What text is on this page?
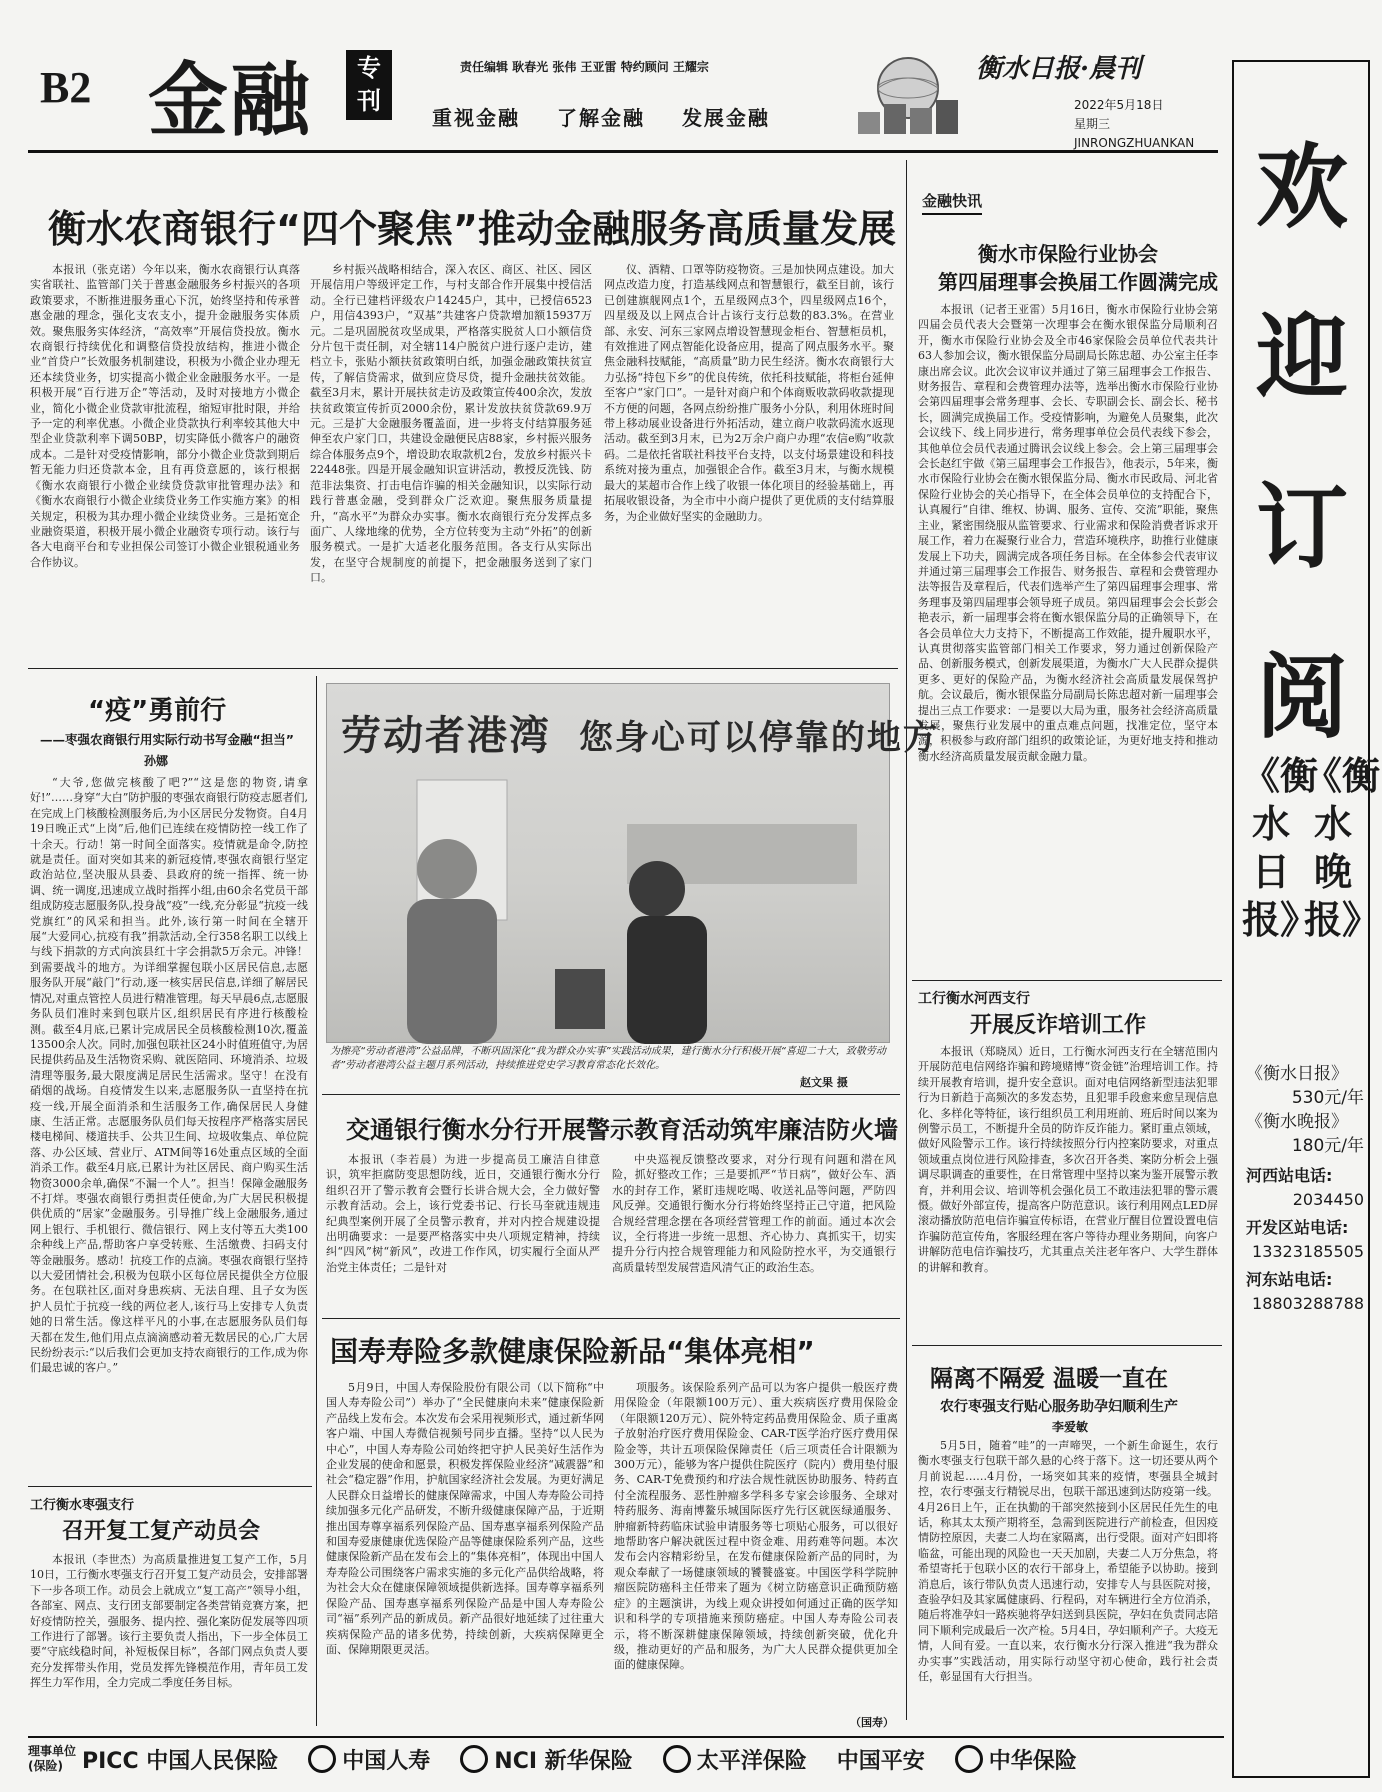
B2 金融	专刊
责任编辑 耿春光 张伟 王亚雷 特约顾问 王耀宗
重视金融 了解金融 发展金融
衡水日报·晨刊
2022年5月18日
星期三
JINRONGZHUANKAN
衡水农商银行“四个聚焦”推动金融服务高质量发展

本报讯（张克诺）今年以来，衡水农商银行认真落实省联社、监管部门关于普惠金融服务乡村振兴的各项政策要求，不断推进服务重心下沉，始终坚持和传承普惠金融的理念，强化支农支小，提升金融服务实体质效。聚焦服务实体经济，“高效率”开展信贷投放。衡水农商银行持续优化和调整信贷投放结构，推进小微企业“首贷户”长效服务机制建设，积极为小微企业办理无还本续贷业务，切实提高小微企业金融服务水平。一是积极开展“百行进万企”等活动，及时对接地方小微企业，简化小微企业贷款审批流程，缩短审批时限，并给予一定的利率优惠。小微企业贷款执行利率较其他大中型企业贷款利率下调50BP，切实降低小微客户的融资成本。二是针对受疫情影响，部分小微企业贷款到期后暂无能力归还贷款本金，且有再贷意愿的，该行根据《衡水农商银行小微企业续贷贷款审批管理办法》和《衡水农商银行小微企业续贷业务工作实施方案》的相关规定，积极为其办理小微企业续贷业务。三是拓宽企业融资渠道，积极开展小微企业融资专项行动。该行与各大电商平台和专业担保公司签订小微企业银税通业务合作协议。

乡村振兴战略相结合，深入农区、商区、社区、园区开展信用户等级评定工作，与村支部合作开展集中授信活动。全行已建档评级农户14245户，其中，已授信6523户，用信4393户，“双基”共建客户贷款增加额15937万元。二是巩固脱贫攻坚成果，严格落实脱贫人口小额信贷分片包干责任制，对全辖114户脱贫户进行逐户走访，建档立卡，张贴小额扶贫政策明白纸，加强金融政策扶贫宣传，了解信贷需求，做到应贷尽贷，提升金融扶贫效能。截至3月末，累计开展扶贫走访及政策宣传400余次，发放扶贫政策宣传折页2000余份，累计发放扶贫贷款69.9万元。三是扩大金融服务覆盖面，进一步将支付结算服务延伸至农户家门口，共建设金融便民店88家，乡村振兴服务综合体服务点9个，增设助农取款机2台，发放乡村振兴卡22448张。四是开展金融知识宣讲活动，教授反洗钱、防范非法集资、打击电信诈骗的相关金融知识，以实际行动践行普惠金融，受到群众广泛欢迎。聚焦服务质量提升，“高水平”为群众办实事。衡水农商银行充分发挥点多面广、人缘地缘的优势，全方位转变为主动“外拓”的创新服务模式。一是扩大适老化服务范围。各支行从实际出发，在坚守合规制度的前提下，把金融服务送到了家门口。

仪、酒精、口罩等防疫物资。三是加快网点建设。加大网点改造力度，打造基线网点和智慧银行，截至目前，该行已创建旗舰网点1个，五星级网点3个，四星级网点16个，四星级及以上网点合计占该行支行总数的83.3%。在营业部、永安、河东三家网点增设智慧现金柜台、智慧柜员机，有效推进了网点智能化设备应用，提高了网点服务水平。聚焦金融科技赋能，“高质量”助力民生经济。衡水农商银行大力弘扬“持包下乡”的优良传统，依托科技赋能，将柜台延伸至客户“家门口”。一是针对商户和个体商贩收款码收款提现不方便的问题，各网点纷纷推广服务小分队，利用休班时间带上移动展业设备进行外拓活动，建立商户收款码流水返现活动。截至到3月末，已为2万余户商户办理“农信e购”收款码。二是依托省联社科技平台支持，以支付场景建设和科技系统对接为重点，加强银企合作。截至3月末，与衡水规模最大的某超市合作上线了收银一体化项目的经验基础上，再拓展收银设备，为全市中小商户提供了更优质的支付结算服务，为企业做好坚实的金融助力。

金融快讯
衡水市保险行业协会
第四届理事会换届工作圆满完成

本报讯（记者王亚雷）5月16日，衡水市保险行业协会第四届会员代表大会暨第一次理事会在衡水银保监分局顺利召开，衡水市保险行业协会及全市46家保险会员单位代表共计63人参加会议，衡水银保监分局副局长陈忠超、办公室主任李康出席会议。此次会议审议并通过了第三届理事会工作报告、财务报告、章程和会费管理办法等，选举出衡水市保险行业协会第四届理事会常务理事、会长、专职副会长、副会长、秘书长，圆满完成换届工作。受疫情影响，为避免人员聚集，此次会议线下、线上同步进行，常务理事单位会员代表线下参会，其他单位会员代表通过腾讯会议线上参会。会上第三届理事会会长赵红宇做《第三届理事会工作报告》，他表示，5年来，衡水市保险行业协会在衡水银保监分局、衡水市民政局、河北省保险行业协会的关心指导下，在全体会员单位的支持配合下，认真履行“自律、维权、协调、服务、宣传、交流”职能，聚焦主业，紧密围绕服从监管要求、行业需求和保险消费者诉求开展工作，着力在凝聚行业合力，营造环境秩序，助推行业健康发展上下功夫，圆满完成各项任务目标。在全体参会代表审议并通过第三届理事会工作报告、财务报告、章程和会费管理办法等报告及章程后，代表们选举产生了第四届理事会理事、常务理事及第四届理事会领导班子成员。第四届理事会会长彭会艳表示，新一届理事会将在衡水银保监分局的正确领导下，在各会员单位大力支持下，不断提高工作效能，提升履职水平，认真贯彻落实监管部门相关工作要求，努力通过创新保险产品、创新服务模式，创新发展渠道，为衡水广大人民群众提供更多、更好的保险产品，为衡水经济社会高质量发展保驾护航。会议最后，衡水银保监分局副局长陈忠超对新一届理事会提出三点工作要求：一是要以大局为重，服务社会经济高质量发展，聚焦行业发展中的重点难点问题，找准定位，坚守本源，积极参与政府部门组织的政策论证，为更好地支持和推动衡水经济高质量发展贡献金融力量。

工行衡水河西支行
开展反诈培训工作

本报讯（郑晓凤）近日，工行衡水河西支行在全辖范围内开展防范电信网络诈骗和跨境赌博“资金链”治理培训工作。持续开展教育培训，提升安全意识。面对电信网络新型违法犯罪行为日新趋于高频次的多发态势，且犯罪手段愈来愈呈现信息化、多样化等特征，该行组织员工利用班前、班后时间以案为例警示员工，不断提升全员的防诈反诈能力。紧盯重点领域，做好风险警示工作。该行持续按照分行内控案防要求，对重点领域重点岗位进行风险排查，多次召开各类、案防分析会上强调尽职调查的重要性，在日常管理中坚持以案为鉴开展警示教育，并利用会议、培训等机会强化员工不敢违法犯罪的警示震慑。做好外部宣传，提高客户防范意识。该行利用网点LED屏滚动播放防范电信诈骗宣传标语，在营业厅醒目位置设置电信诈骗防范宣传角，客服经理在客户等待办理业务期间，向客户讲解防范电信诈骗技巧，尤其重点关注老年客户、大学生群体的讲解和教育。

隔离不隔爱 温暖一直在
农行枣强支行贴心服务助孕妇顺利生产
李爱敏

5月5日，随着“哇”的一声啼哭，一个新生命诞生，农行衡水枣强支行包联干部久悬的心终于落下。这一切还要从两个月前说起……4月份，一场突如其来的疫情，枣强县全城封控，农行枣强支行精锐尽出，包联干部迅速到达防疫第一线。4月26日上午，正在执勤的干部突然接到小区居民任先生的电话，称其太太预产期将至，急需到医院进行产前检查，但因疫情防控原因，夫妻二人均在家隔离，出行受限。面对产妇即将临盆，可能出现的风险也一天天加剧，夫妻二人万分焦急，将希望寄托于包联小区的农行干部身上，希望能予以协助。接到消息后，该行带队负责人迅速行动，安排专人与县医院对接，查验孕妇及其家属健康码、行程码，对车辆进行全方位消杀，随后将准孕妇一路疾驰将孕妇送到县医院，孕妇在负责同志陪同下顺利完成最后一次产检。5月4日，孕妇顺利产子。大疫无情，人间有爱。一直以来，农行衡水分行深入推进“我为群众办实事”实践活动，用实际行动坚守初心使命，践行社会责任，彰显国有大行担当。

“疫”勇前行
——枣强农商银行用实际行动书写金融“担当”
孙娜

“大爷,您做完核酸了吧?”“这是您的物资,请拿好!”……身穿“大白”防护服的枣强农商银行防疫志愿者们,在完成上门核酸检测服务后,为小区居民分发物资。自4月19日晚正式“上岗”后,他们已连续在疫情防控一线工作了十余天。行动！第一时间全面落实。疫情就是命令,防控就是责任。面对突如其来的新冠疫情,枣强农商银行坚定政治站位,坚决服从县委、县政府的统一指挥、统一协调、统一调度,迅速成立战时指挥小组,由60余名党员干部组成防疫志愿服务队,投身战“疫”一线,充分彰显“抗疫一线党旗红”的风采和担当。此外,该行第一时间在全辖开展“大爱同心,抗疫有我”捐款活动,全行358名职工以线上与线下捐款的方式向滨县红十字会捐款5万余元。冲锋！到需要战斗的地方。为详细掌握包联小区居民信息,志愿服务队开展“敲门”行动,逐一核实居民信息,详细了解居民情况,对重点管控人员进行精准管理。每天早晨6点,志愿服务队员们准时来到包联片区,组织居民有序进行核酸检测。截至4月底,已累计完成居民全员核酸检测10次,覆盖13500余人次。同时,加强包联社区24小时值班值守,为居民提供药品及生活物资采购、就医陪同、环境消杀、垃圾清理等服务,最大限度满足居民生活需求。坚守！在没有硝烟的战场。自疫情发生以来,志愿服务队一直坚持在抗疫一线,开展全面消杀和生活服务工作,确保居民人身健康、生活正常。志愿服务队员们每天按程序严格落实居民楼电梯间、楼道扶手、公共卫生间、垃圾收集点、单位院落、办公区域、营业厅、ATM间等16处重点区域的全面消杀工作。截至4月底,已累计为社区居民、商户购买生活物资3000余单,确保“不漏一个人”。担当！保障金融服务不打烊。枣强农商银行勇担责任使命,为广大居民积极提供优质的“居家”金融服务。引导推广线上金融服务,通过网上银行、手机银行、微信银行、网上支付等五大类100余种线上产品,帮助客户享受转账、生活缴费、扫码支付等金融服务。感动！抗疫工作的点滴。枣强农商银行坚持以大爱团情社会,积极为包联小区每位居民提供全方位服务。在包联社区,面对身患疾病、无法自理、且子女为医护人员忙于抗疫一线的两位老人,该行马上安排专人负责她的日常生活。像这样平凡的小事,在志愿服务队员们每天都在发生,他们用点点滴滴感动着无数居民的心,广大居民纷纷表示:“以后我们会更加支持农商银行的工作,成为你们最忠诚的客户。”

工行衡水枣强支行
召开复工复产动员会

本报讯（李世杰）为高质量推进复工复产工作，5月10日，工行衡水枣强支行召开复工复产动员会，安排部署下一步各项工作。动员会上就成立“复工高产”领导小组，各部室、网点、支行团支部要制定各类营销竞赛方案，把好疫情防控关，强服务、提内控、强化案防促发展等四项工作进行了部署。该行主要负责人指出，下一步全体员工要“守底线稳时间，补短板保目标”，各部门网点负责人要充分发挥带头作用，党员发挥先锋模范作用，青年员工发挥生力军作用，全力完成二季度任务目标。

劳动者港湾 您身心可以停靠的地方
为擦亮“劳动者港湾”公益品牌，不断巩固深化“我为群众办实事”实践活动成果，建行衡水分行积极开展“喜迎二十大，致敬劳动者”劳动者港湾公益主题月系列活动，持续推进党史学习教育常态化长效化。
赵文果 摄
交通银行衡水分行开展警示教育活动筑牢廉洁防火墙

本报讯（李若晨）为进一步提高员工廉洁自律意识，筑牢拒腐防变思想防线，近日，交通银行衡水分行组织召开了警示教育会暨行长讲合规大会，全力做好警示教育活动。会上，该行党委书记、行长马奎就违规违纪典型案例开展了全员警示教育，并对内控合规建设提出明确要求：一是要严格落实中央八项规定精神，持续纠“四风”树“新风”，改进工作作风，切实履行全面从严治党主体责任；二是针对

中央巡视反馈整改要求，对分行现有问题和潜在风险，抓好整改工作；三是要抓严“节日病”，做好公车、酒水的封存工作，紧盯违规吃喝、收送礼品等问题，严防四风反弹。交通银行衡水分行将始终坚持正己守道，把风险合规经营理念摆在各项经营管理工作的前面。通过本次会议，全行将进一步统一思想、齐心协力、真抓实干，切实提升分行内控合规管理能力和风险防控水平，为交通银行高质量转型发展营造风清气正的政治生态。

国寿寿险多款健康保险新品“集体亮相”

5月9日，中国人寿保险股份有限公司（以下简称“中国人寿寿险公司”）举办了“全民健康向未来”健康保险新产品线上发布会。本次发布会采用视频形式，通过新华网客户端、中国人寿微信视频号同步直播。坚持“以人民为中心”，中国人寿寿险公司始终把守护人民美好生活作为企业发展的使命和愿景，积极发挥保险业经济“减震器”和社会“稳定器”作用，护航国家经济社会发展。为更好满足人民群众日益增长的健康保障需求，中国人寿寿险公司持续加强多元化产品研发，不断升级健康保障产品，于近期推出国寿尊享福系列保险产品、国寿惠享福系列保险产品和国寿爱康健康优选保险产品等健康保险系列产品，这些健康保险新产品在发布会上的“集体亮相”，体现出中国人寿寿险公司围绕客户需求实施的多元化产品供给战略，将为社会大众在健康保障领域提供新选择。国寿尊享福系列保险产品、国寿惠享福系列保险产品是中国人寿寿险公司“福”系列产品的新成员。新产品很好地延续了过往重大疾病保险产品的诸多优势，持续创新，大疾病保障更全面、保障期限更灵活。

项服务。该保险系列产品可以为客户提供一般医疗费用保险金（年限额100万元）、重大疾病医疗费用保险金（年限额120万元）、院外特定药品费用保险金、质子重离子放射治疗医疗费用保险金、CAR-T医学治疗医疗费用保险金等，共计五项保险保障责任（后三项责任合计限额为300万元），能够为客户提供住院医疗（院内）费用垫付服务、CAR-T免费预约和疗法合规性就医协助服务、特药直付全流程服务、恶性肿瘤多学科多专家会诊服务、全球对特药服务、海南博鳌乐城国际医疗先行区就医绿通服务、肿瘤新特药临床试验申请服务等七项贴心服务，可以很好地帮助客户解决就医过程中资金难、用药难等问题。本次发布会内容精彩纷呈，在发布健康保险新产品的同时，为观众奉献了一场健康领域的饕餮盛宴。中国医学科学院肿瘤医院防癌科主任带来了题为《树立防癌意识正确预防癌症》的主题演讲，为线上观众讲授如何通过正确的医学知识和科学的专项措施来预防癌症。中国人寿寿险公司表示，将不断深耕健康保障领域，持续创新突破，优化升级，推动更好的产品和服务，为广大人民群众提供更加全面的健康保障。

（国寿）
欢迎订阅
《衡水日报》
《衡水晚报》
《衡水日报》
530元/年
《衡水晚报》
180元/年
河西站电话:
2034450
开发区站电话:
13323185505
河东站电话:
18803288788
理事单位(保险) PICC 中国人民保险	中国人寿	NCI 新华保险	太平洋保险 中国平安	中华保险
